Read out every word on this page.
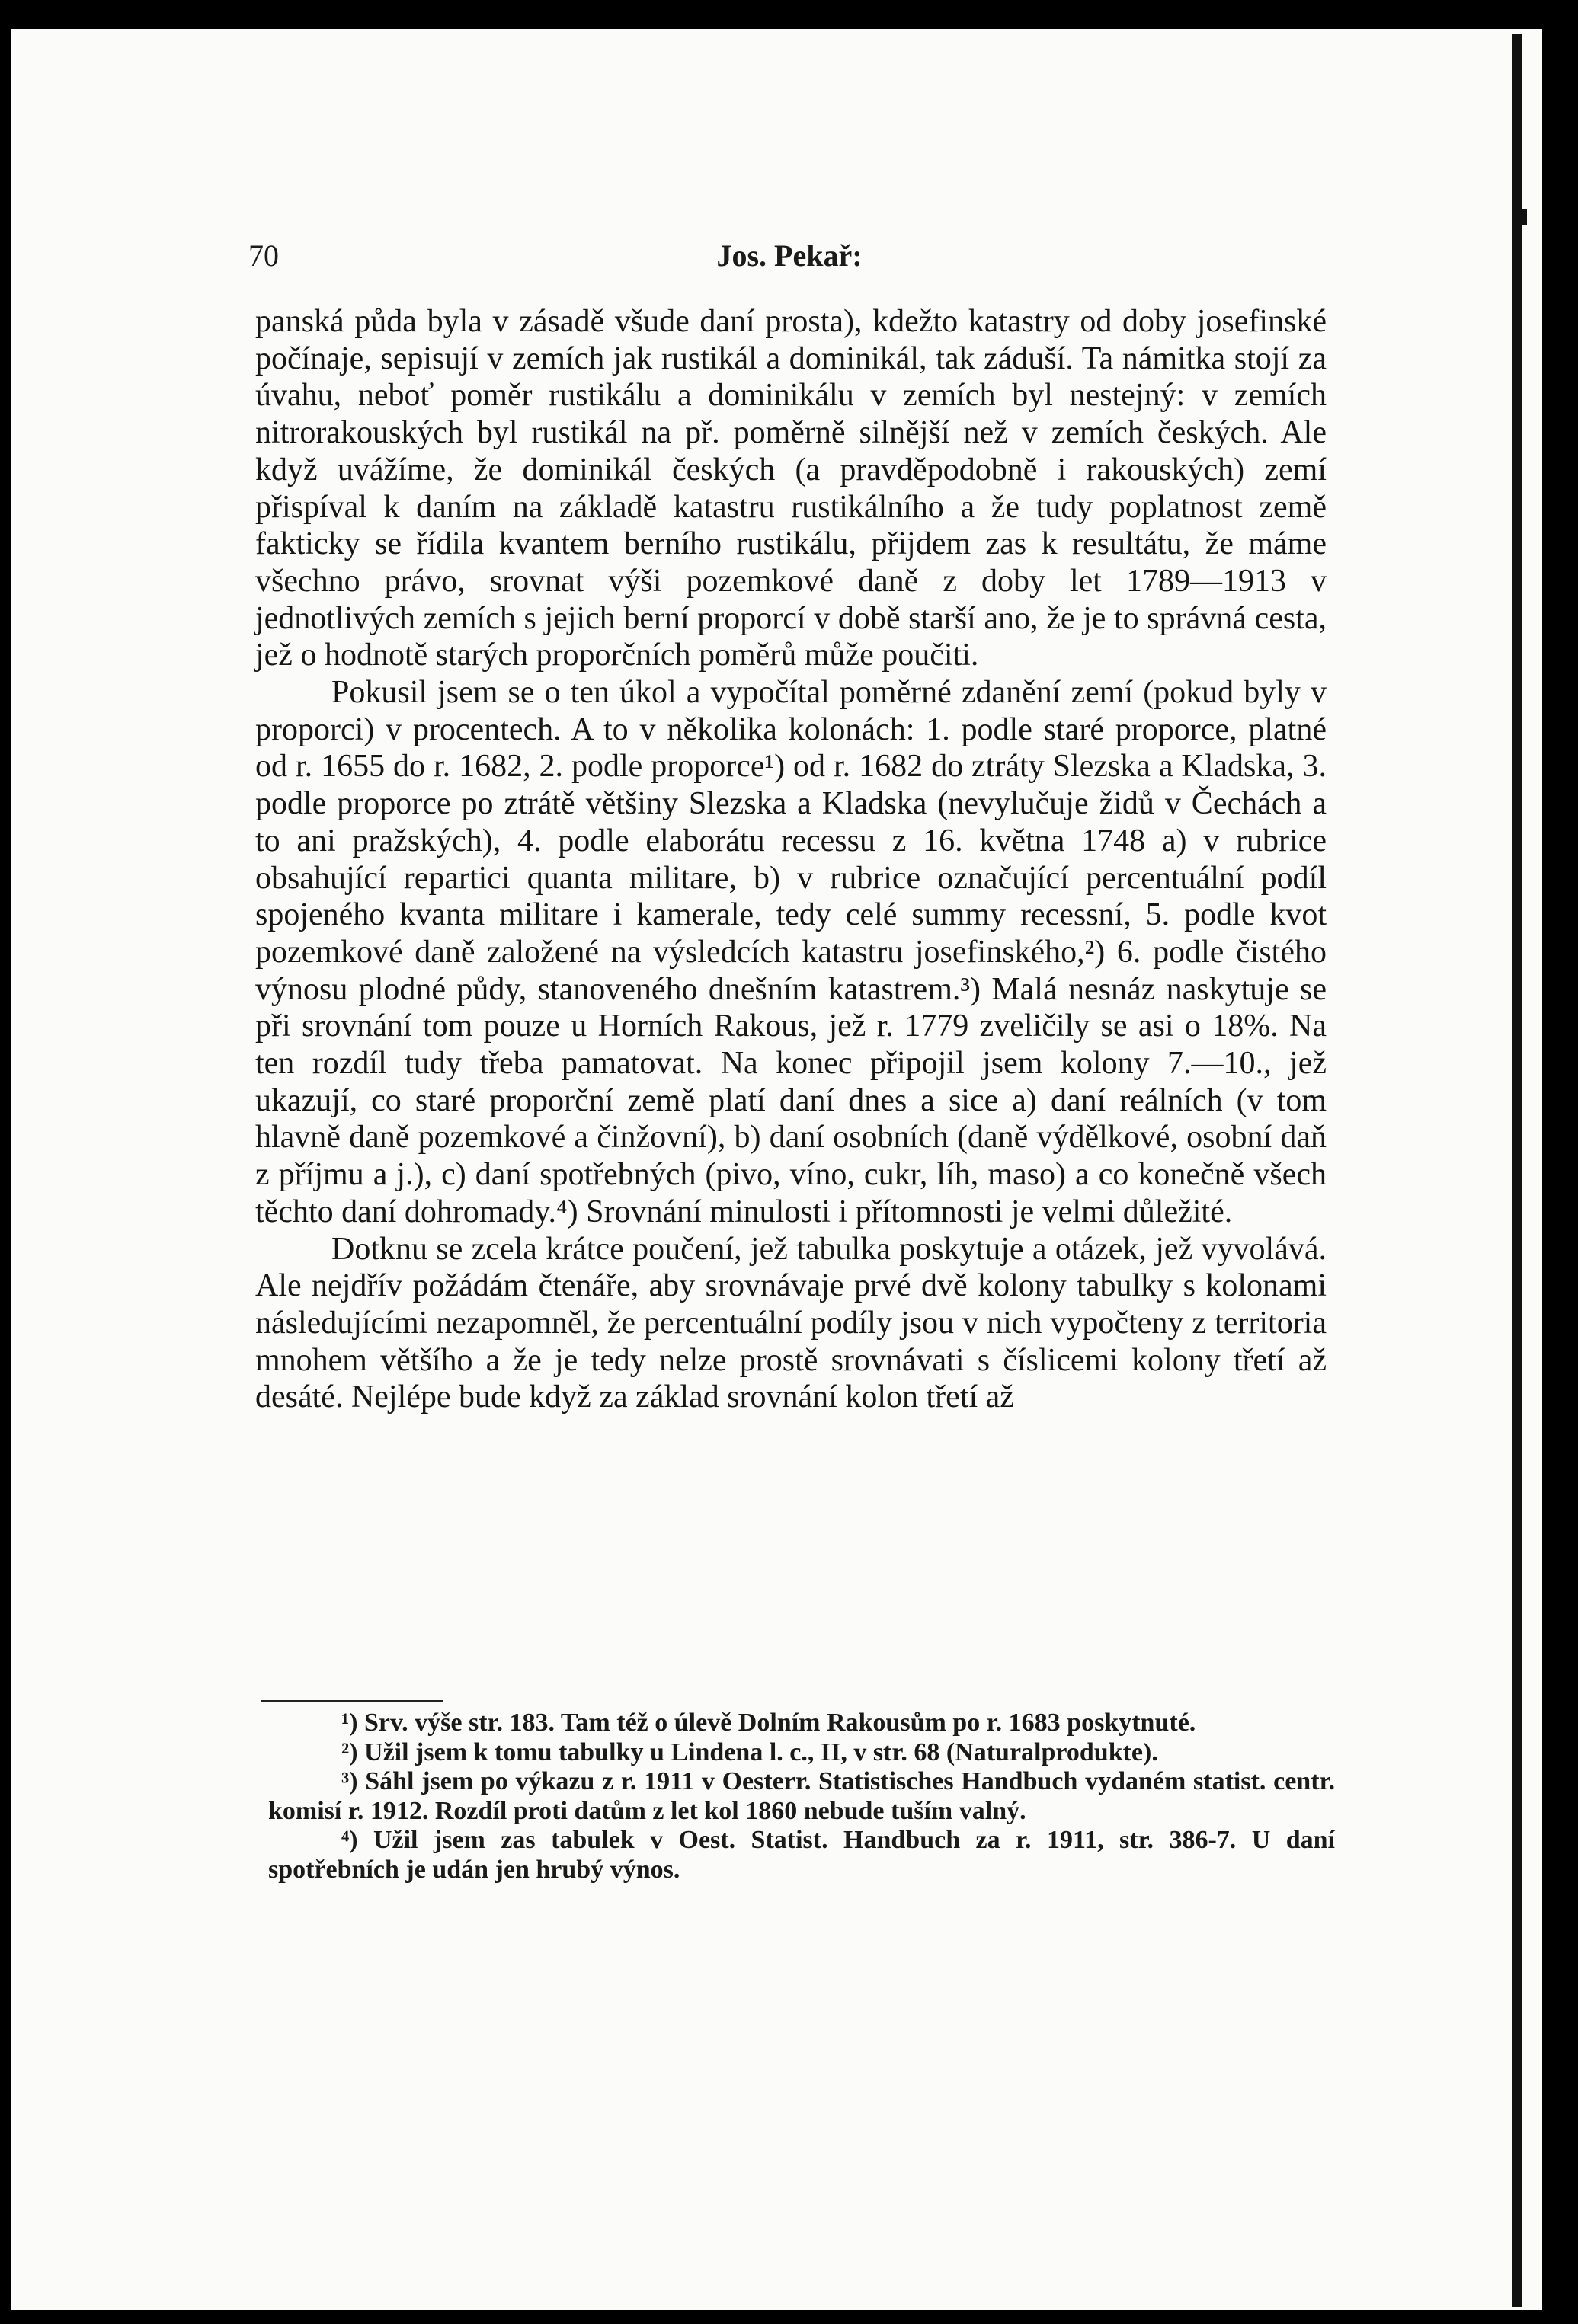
70	Jos. Pekař:

panská půda byla v zásadě všude daní prosta), kdežto katastry od doby josefinské počínaje, sepisují v zemích jak rustikál a dominikál, tak záduší. Ta námitka stojí za úvahu, neboť poměr rustikálu a dominikálu v zemích byl nestejný: v zemích nitrorakouských byl rustikál na př. poměrně silnější než v zemích českých. Ale když uvážíme, že dominikál českých (a pravděpodobně i rakouských) zemí přispíval k daním na základě katastru rustikálního a že tudy poplatnost země fakticky se řídila kvantem berního rustikálu, přijdem zas k resultátu, že máme všechno právo, srovnat výši pozemkové daně z doby let 1789—1913 v jednotlivých zemích s jejich berní proporcí v době starší ano, že je to správná cesta, jež o hodnotě starých proporčních poměrů může poučiti.

Pokusil jsem se o ten úkol a vypočítal poměrné zdanění zemí (pokud byly v proporci) v procentech. A to v několika kolonách: 1. podle staré proporce, platné od r. 1655 do r. 1682, 2. podle proporce¹) od r. 1682 do ztráty Slezska a Kladska, 3. podle proporce po ztrátě většiny Slezska a Kladska (nevylučuje židů v Čechách a to ani pražských), 4. podle elaborátu recessu z 16. května 1748 a) v rubrice obsahující repartici quanta militare, b) v rubrice označující percentuální podíl spojeného kvanta militare i kamerale, tedy celé summy recessní, 5. podle kvot pozemkové daně založené na výsledcích katastru josefinského,²) 6. podle čistého výnosu plodné půdy, stanoveného dnešním katastrem.³) Malá nesnáz naskytuje se při srovnání tom pouze u Horních Rakous, jež r. 1779 zveličily se asi o 18%. Na ten rozdíl tudy třeba pamatovat. Na konec připojil jsem kolony 7.—10., jež ukazují, co staré proporční země platí daní dnes a sice a) daní reálních (v tom hlavně daně pozemkové a činžovní), b) daní osobních (daně výdělkové, osobní daň z příjmu a j.), c) daní spotřebných (pivo, víno, cukr, líh, maso) a co konečně všech těchto daní dohromady.⁴) Srovnání minulosti i přítomnosti je velmi důležité.

Dotknu se zcela krátce poučení, jež tabulka poskytuje a otázek, jež vyvolává. Ale nejdřív požádám čtenáře, aby srovnávaje prvé dvě kolony tabulky s kolonami následujícími nezapomněl, že percentuální podíly jsou v nich vypočteny z territoria mnohem většího a že je tedy nelze prostě srovnávati s číslicemi kolony třetí až desáté. Nejlépe bude když za základ srovnání kolon třetí až

¹) Srv. výše str. 183. Tam též o úlevě Dolním Rakousům po r. 1683 poskytnuté.

²) Užil jsem k tomu tabulky u Lindena l. c., II, v str. 68 (Naturalprodukte).

³) Sáhl jsem po výkazu z r. 1911 v Oesterr. Statistisches Handbuch vydaném statist. centr. komisí r. 1912. Rozdíl proti datům z let kol 1860 nebude tuším valný.

⁴) Užil jsem zas tabulek v Oest. Statist. Handbuch za r. 1911, str. 386-7. U daní spotřebních je udán jen hrubý výnos.
